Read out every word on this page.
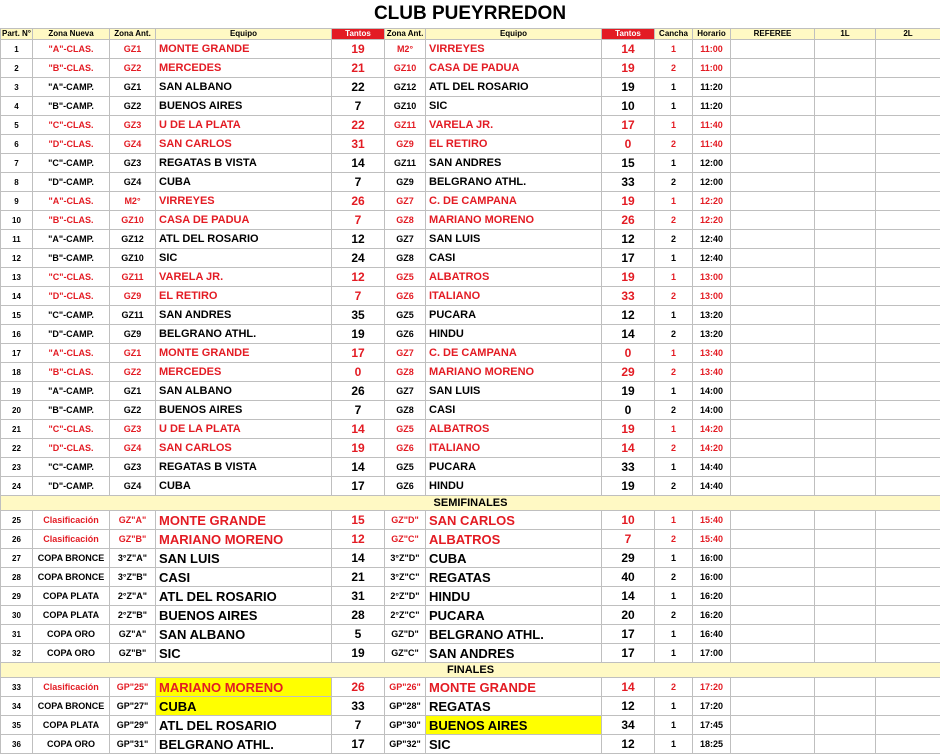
CLUB PUEYRREDON
Part. N°	Zona Nueva	Zona Ant.	Equipo	Tantos	Zona Ant.	Equipo	Tantos	Cancha	Horario	REFEREE	1L	2L
1	"A"-CLAS.	GZ1	MONTE GRANDE	19	M2°	VIRREYES	14	1	11:00			
2	"B"-CLAS.	GZ2	MERCEDES	21	GZ10	CASA DE PADUA	19	2	11:00			
3	"A"-CAMP.	GZ1	SAN ALBANO	22	GZ12	ATL DEL ROSARIO	19	1	11:20			
4	"B"-CAMP.	GZ2	BUENOS AIRES	7	GZ10	SIC	10	1	11:20			
5	"C"-CLAS.	GZ3	U DE LA PLATA	22	GZ11	VARELA JR.	17	1	11:40			
6	"D"-CLAS.	GZ4	SAN CARLOS	31	GZ9	EL RETIRO	0	2	11:40			
7	"C"-CAMP.	GZ3	REGATAS B VISTA	14	GZ11	SAN ANDRES	15	1	12:00			
8	"D"-CAMP.	GZ4	CUBA	7	GZ9	BELGRANO ATHL.	33	2	12:00			
9	"A"-CLAS.	M2°	VIRREYES	26	GZ7	C. DE CAMPANA	19	1	12:20			
10	"B"-CLAS.	GZ10	CASA DE PADUA	7	GZ8	MARIANO MORENO	26	2	12:20			
11	"A"-CAMP.	GZ12	ATL DEL ROSARIO	12	GZ7	SAN LUIS	12	2	12:40			
12	"B"-CAMP.	GZ10	SIC	24	GZ8	CASI	17	1	12:40			
13	"C"-CLAS.	GZ11	VARELA JR.	12	GZ5	ALBATROS	19	1	13:00			
14	"D"-CLAS.	GZ9	EL RETIRO	7	GZ6	ITALIANO	33	2	13:00			
15	"C"-CAMP.	GZ11	SAN ANDRES	35	GZ5	PUCARA	12	1	13:20			
16	"D"-CAMP.	GZ9	BELGRANO ATHL.	19	GZ6	HINDU	14	2	13:20			
17	"A"-CLAS.	GZ1	MONTE GRANDE	17	GZ7	C. DE CAMPANA	0	1	13:40			
18	"B"-CLAS.	GZ2	MERCEDES	0	GZ8	MARIANO MORENO	29	2	13:40			
19	"A"-CAMP.	GZ1	SAN ALBANO	26	GZ7	SAN LUIS	19	1	14:00			
20	"B"-CAMP.	GZ2	BUENOS AIRES	7	GZ8	CASI	0	2	14:00			
21	"C"-CLAS.	GZ3	U DE LA PLATA	14	GZ5	ALBATROS	19	1	14:20			
22	"D"-CLAS.	GZ4	SAN CARLOS	19	GZ6	ITALIANO	14	2	14:20			
23	"C"-CAMP.	GZ3	REGATAS B VISTA	14	GZ5	PUCARA	33	1	14:40			
24	"D"-CAMP.	GZ4	CUBA	17	GZ6	HINDU	19	2	14:40			
SEMIFINALES												
25	Clasificación	GZ"A"	MONTE GRANDE	15	GZ"D"	SAN CARLOS	10	1	15:40			
26	Clasificación	GZ"B"	MARIANO MORENO	12	GZ"C"	ALBATROS	7	2	15:40			
27	COPA BRONCE	3°Z"A"	SAN LUIS	14	3°Z"D"	CUBA	29	1	16:00			
28	COPA BRONCE	3°Z"B"	CASI	21	3°Z"C"	REGATAS	40	2	16:00			
29	COPA PLATA	2°Z"A"	ATL DEL ROSARIO	31	2°Z"D"	HINDU	14	1	16:20			
30	COPA PLATA	2°Z"B"	BUENOS AIRES	28	2°Z"C"	PUCARA	20	2	16:20			
31	COPA ORO	GZ"A"	SAN ALBANO	5	GZ"D"	BELGRANO ATHL.	17	1	16:40			
32	COPA ORO	GZ"B"	SIC	19	GZ"C"	SAN ANDRES	17	1	17:00			
FINALES												
33	Clasificación	GP"25"	MARIANO MORENO	26	GP"26"	MONTE GRANDE	14	2	17:20			
34	COPA BRONCE	GP"27"	CUBA	33	GP"28"	REGATAS	12	1	17:20			
35	COPA PLATA	GP"29"	ATL DEL ROSARIO	7	GP"30"	BUENOS AIRES	34	1	17:45			
36	COPA ORO	GP"31"	BELGRANO ATHL.	17	GP"32"	SIC	12	1	18:25			
